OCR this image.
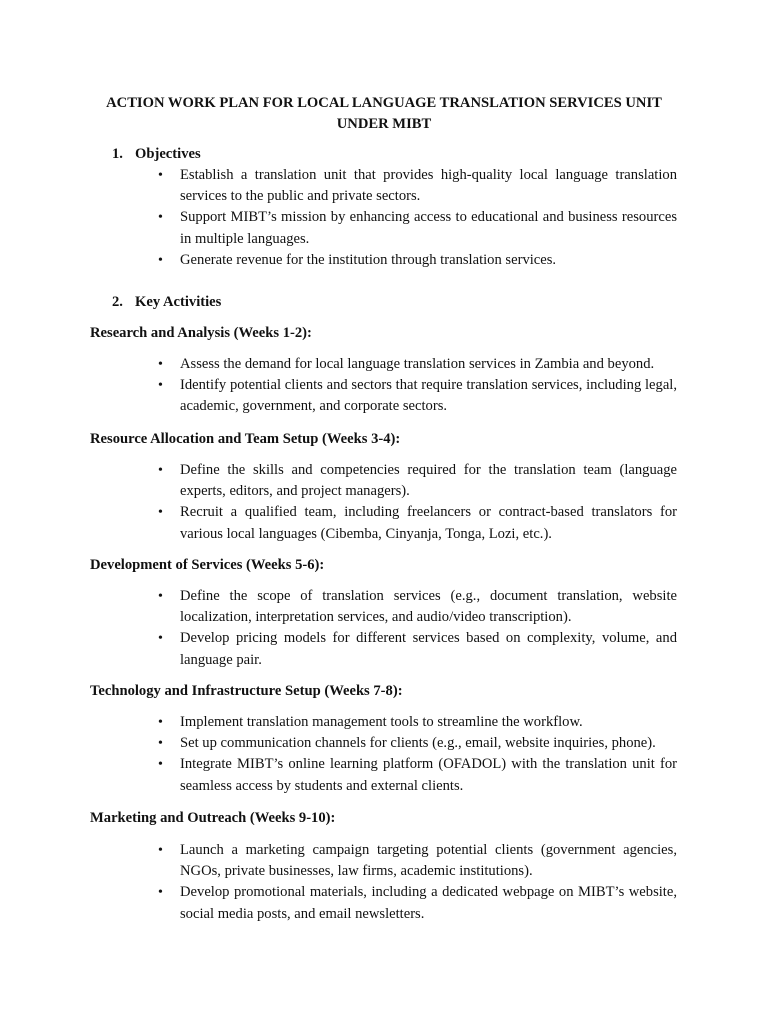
ACTION WORK PLAN FOR LOCAL LANGUAGE TRANSLATION SERVICES UNIT UNDER MIBT
1. Objectives
• Establish a translation unit that provides high-quality local language translation services to the public and private sectors.
• Support MIBT’s mission by enhancing access to educational and business resources in multiple languages.
• Generate revenue for the institution through translation services.
2. Key Activities
Research and Analysis (Weeks 1-2):
• Assess the demand for local language translation services in Zambia and beyond.
• Identify potential clients and sectors that require translation services, including legal, academic, government, and corporate sectors.
Resource Allocation and Team Setup (Weeks 3-4):
• Define the skills and competencies required for the translation team (language experts, editors, and project managers).
• Recruit a qualified team, including freelancers or contract-based translators for various local languages (Cibemba, Cinyanja, Tonga, Lozi, etc.).
Development of Services (Weeks 5-6):
• Define the scope of translation services (e.g., document translation, website localization, interpretation services, and audio/video transcription).
• Develop pricing models for different services based on complexity, volume, and language pair.
Technology and Infrastructure Setup (Weeks 7-8):
• Implement translation management tools to streamline the workflow.
• Set up communication channels for clients (e.g., email, website inquiries, phone).
• Integrate MIBT’s online learning platform (OFADOL) with the translation unit for seamless access by students and external clients.
Marketing and Outreach (Weeks 9-10):
• Launch a marketing campaign targeting potential clients (government agencies, NGOs, private businesses, law firms, academic institutions).
• Develop promotional materials, including a dedicated webpage on MIBT’s website, social media posts, and email newsletters.
